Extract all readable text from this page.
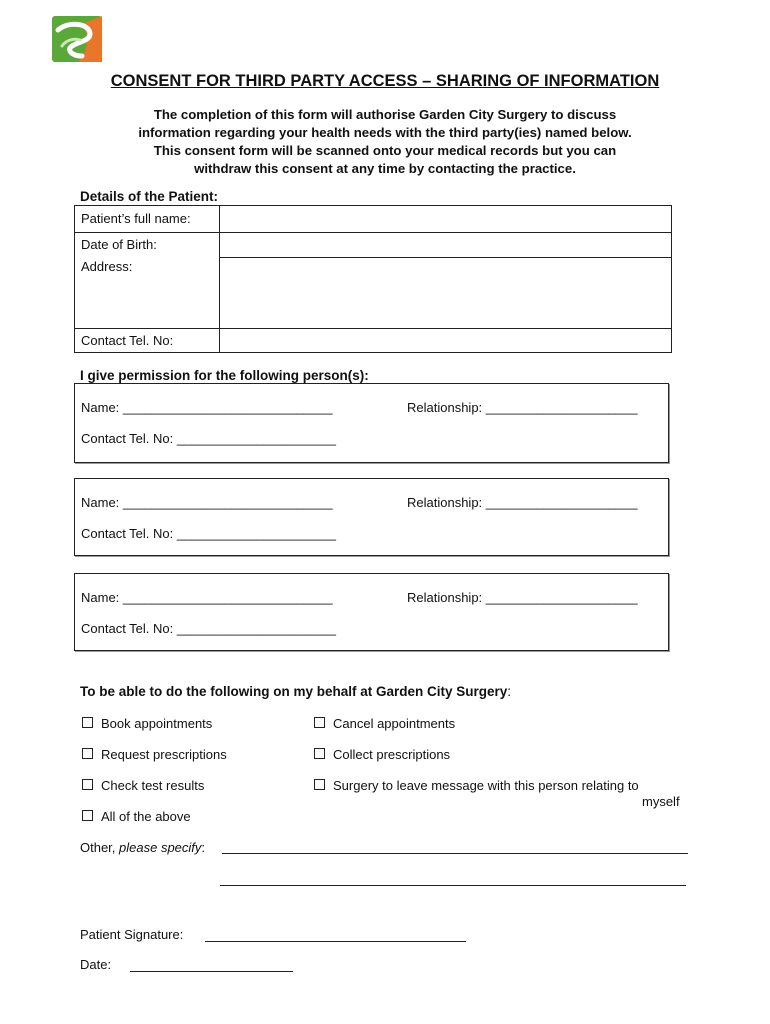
CONSENT FOR THIRD PARTY ACCESS – SHARING OF INFORMATION
The completion of this form will authorise Garden City Surgery to discuss
information regarding your health needs with the third party(ies) named below.
This consent form will be scanned onto your medical records but you can
withdraw this consent at any time by contacting the practice.
Details of the Patient:
Patient’s full name:
Date of Birth:
Address:
Contact Tel. No:
I give permission for the following person(s):
Name: _____________________________	Relationship: _____________________
Contact Tel. No: ______________________
Name: _____________________________	Relationship: _____________________
Contact Tel. No: ______________________
Name: _____________________________	Relationship: _____________________
Contact Tel. No: ______________________
To be able to do the following on my behalf at Garden City Surgery:
Book appointments	Cancel appointments
Request prescriptions	Collect prescriptions
Check test results	Surgery to leave message with this person relating to
myself
All of the above
Other, please specify:
Patient Signature:
Date:
